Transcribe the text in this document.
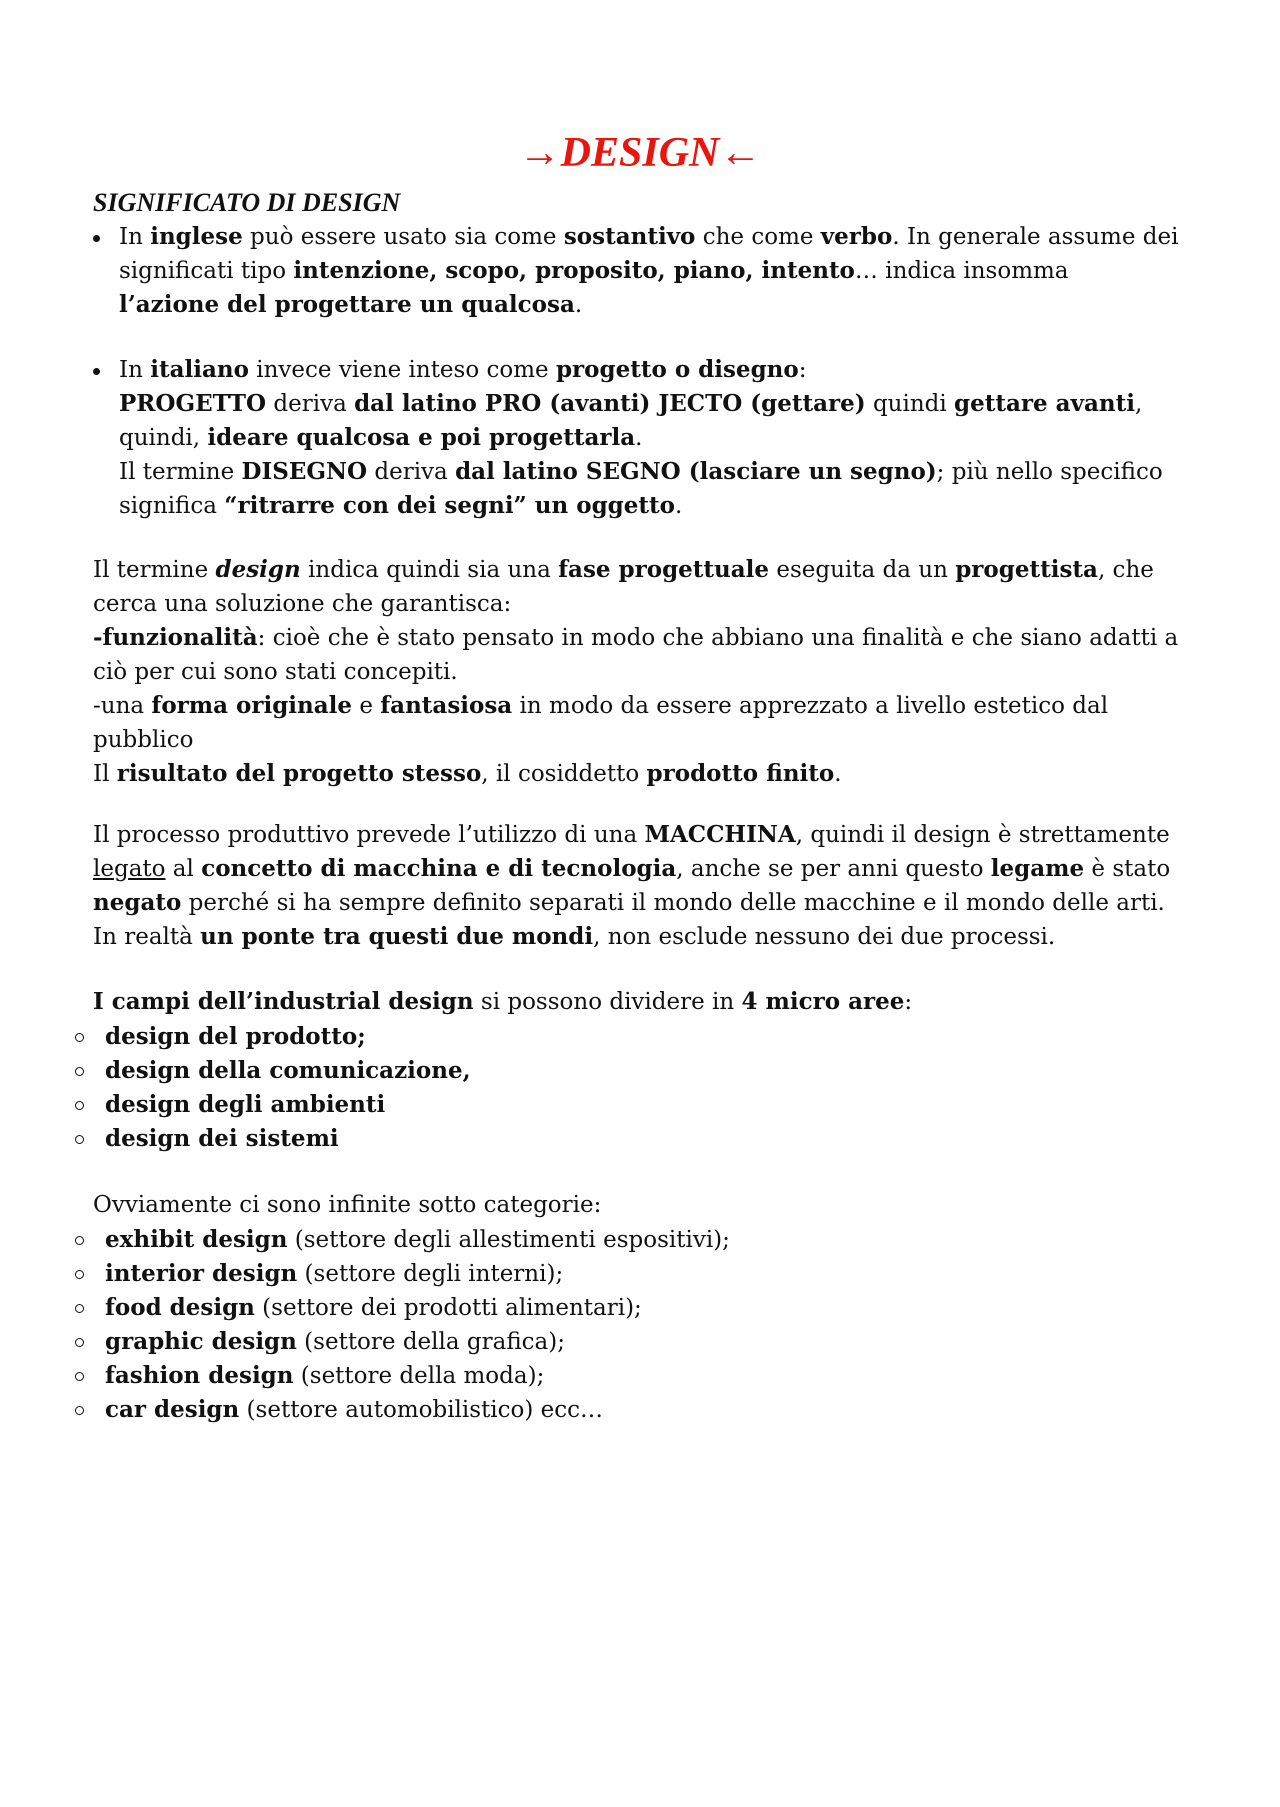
→DESIGN←
SIGNIFICATO DI DESIGN

In inglese può essere usato sia come sostantivo che come verbo. In generale assume dei significati tipo intenzione, scopo, proposito, piano, intento… indica insomma
l’azione del progettare un qualcosa.

In italiano invece viene inteso come progetto o disegno:
PROGETTO deriva dal latino PRO (avanti) JECTO (gettare) quindi gettare avanti,
quindi, ideare qualcosa e poi progettarla.
Il termine DISEGNO deriva dal latino SEGNO (lasciare un segno); più nello specifico
significa “ritrarre con dei segni” un oggetto.

Il termine design indica quindi sia una fase progettuale eseguita da un progettista, che cerca una soluzione che garantisca:
-funzionalità: cioè che è stato pensato in modo che abbiano una finalità e che siano adatti a ciò per cui sono stati concepiti.
-una forma originale e fantasiosa in modo da essere apprezzato a livello estetico dal pubblico
Il risultato del progetto stesso, il cosiddetto prodotto finito.

Il processo produttivo prevede l’utilizzo di una MACCHINA, quindi il design è strettamente legato al concetto di macchina e di tecnologia, anche se per anni questo legame è stato negato perché si ha sempre definito separati il mondo delle macchine e il mondo delle arti. In realtà un ponte tra questi due mondi, non esclude nessuno dei due processi.

I campi dell’industrial design si possono dividere in 4 micro aree:

design del prodotto;
design della comunicazione,
design degli ambienti
design dei sistemi

Ovviamente ci sono infinite sotto categorie:

exhibit design (settore degli allestimenti espositivi);
interior design (settore degli interni);
food design (settore dei prodotti alimentari);
graphic design (settore della grafica);
fashion design (settore della moda);
car design (settore automobilistico) ecc…
